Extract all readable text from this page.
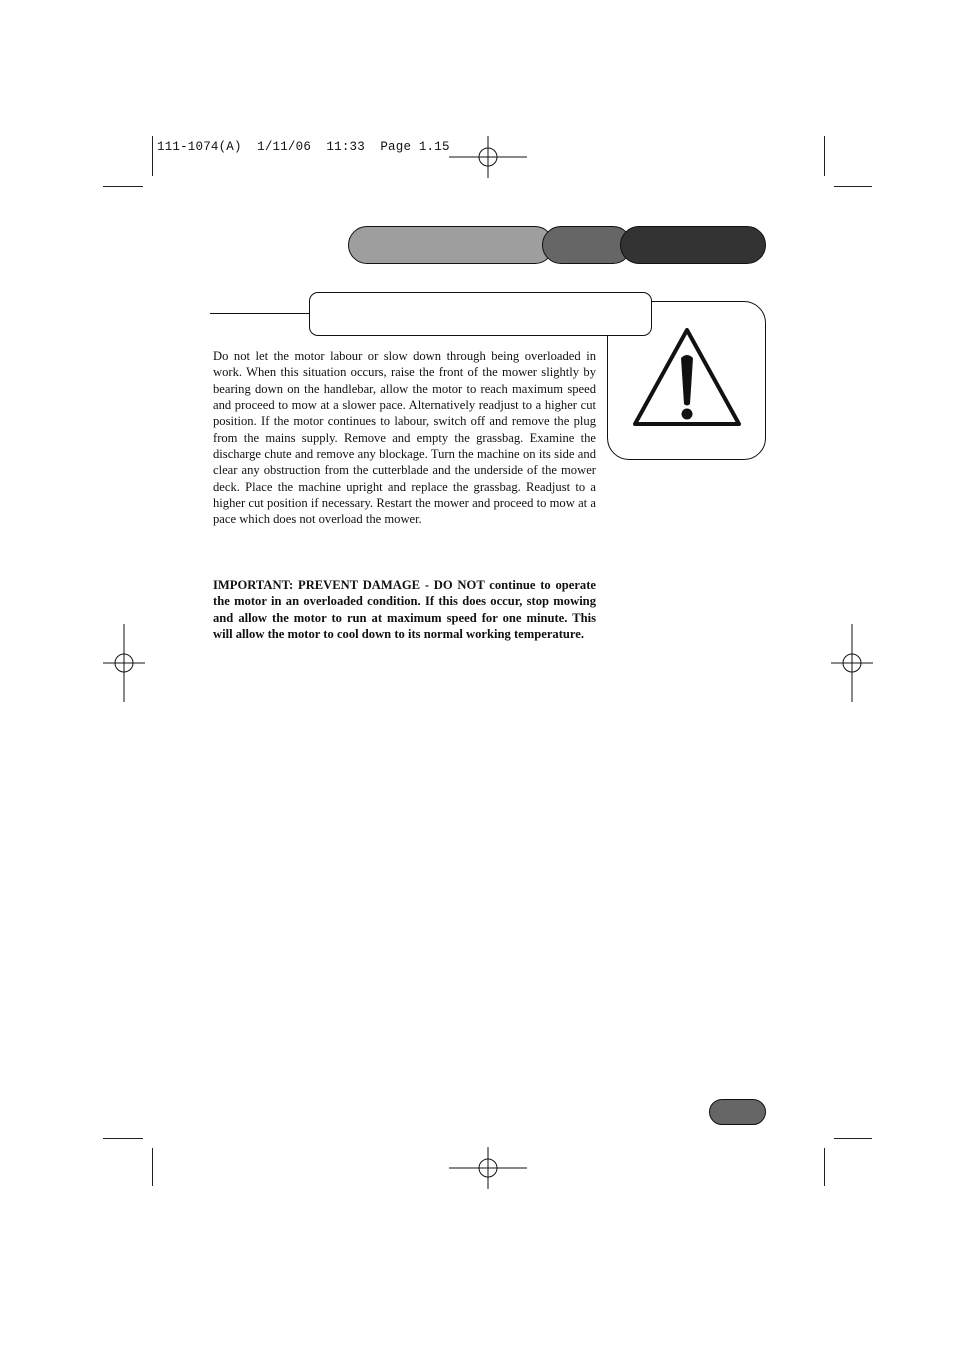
111-1074(A)  1/11/06  11:33  Page 1.15

Do not let the motor labour or slow down through being overloaded in work. When this situation occurs, raise the front of the mower slightly by bearing down on the handlebar, allow the motor to reach maximum speed and proceed to mow at a slower pace. Alternatively readjust to a higher cut position. If the motor continues to labour, switch off and remove the plug from the mains supply. Remove and empty the grassbag. Examine the discharge chute and remove any blockage. Turn the machine on its side and clear any obstruction from the cutterblade and the underside of the mower deck. Place the machine upright and replace the grassbag. Readjust to a higher cut position if necessary. Restart the mower and proceed to mow at a pace which does not overload the mower.

IMPORTANT: PREVENT DAMAGE - DO NOT continue to operate the motor in an overloaded condition. If this does occur, stop mowing and allow the motor to run at maximum speed for one minute. This will allow the motor to cool down to its normal working temperature.
